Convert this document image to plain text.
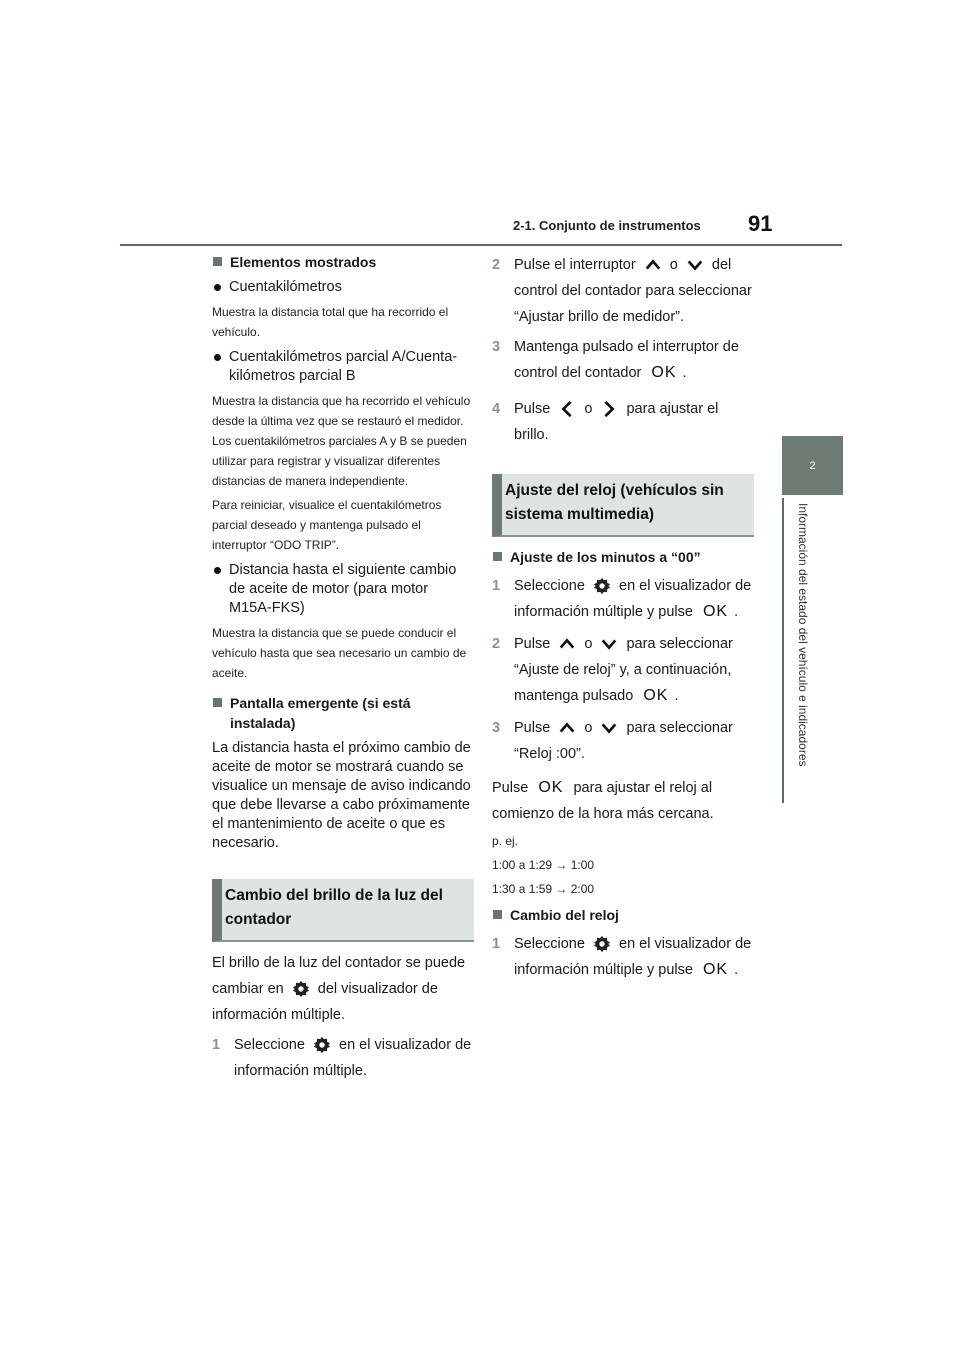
2-1. Conjunto de instrumentos 91
2
Información del estado del vehículo e indicadores
Elementos mostrados
Cuentakilómetros
Muestra la distancia total que ha recorrido el vehículo.
Cuentakilómetros parcial A/Cuenta-kilómetros parcial B
Muestra la distancia que ha recorrido el vehículo desde la última vez que se restauró el medidor. Los cuentakilómetros parciales A y B se pueden utilizar para registrar y visualizar diferentes distancias de manera independiente.
Para reiniciar, visualice el cuentakilómetros parcial deseado y mantenga pulsado el interruptor “ODO TRIP”.
Distancia hasta el siguiente cambio de aceite de motor (para motor M15A-FKS)
Muestra la distancia que se puede conducir el vehículo hasta que sea necesario un cambio de aceite.
Pantalla emergente (si está instalada)
La distancia hasta el próximo cambio de aceite de motor se mostrará cuando se visualice un mensaje de aviso indicando que debe llevarse a cabo próximamente el mantenimiento de aceite o que es necesario.
Cambio del brillo de la luz del contador
El brillo de la luz del contador se puede cambiar en del visualizador de información múltiple.
1 Seleccione en el visualizador de información múltiple.
2 Pulse el interruptor o del control del contador para seleccionar “Ajustar brillo de medidor”.
3 Mantenga pulsado el interruptor de control del contador OK .
4 Pulse o para ajustar el brillo.
Ajuste del reloj (vehículos sin sistema multimedia)
Ajuste de los minutos a “00”
1 Seleccione en el visualizador de información múltiple y pulse OK .
2 Pulse o para seleccionar “Ajuste de reloj” y, a continuación, mantenga pulsado OK .
3 Pulse o para seleccionar “Reloj :00”.
Pulse OK para ajustar el reloj al comienzo de la hora más cercana.
p. ej.
1:00 a 1:29 → 1:00
1:30 a 1:59 → 2:00
Cambio del reloj
1 Seleccione en el visualizador de información múltiple y pulse OK .
